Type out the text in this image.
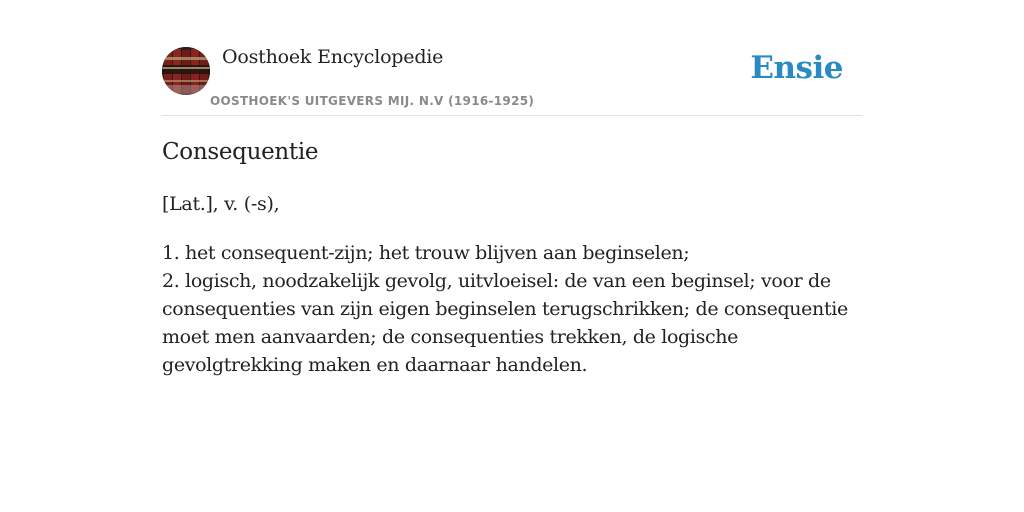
Oosthoek Encyclopedie
OOSTHOEK'S UITGEVERS MIJ. N.V (1916-1925)
Ensie
Consequentie
[Lat.], v. (-s),

1. het consequent-zijn; het trouw blijven aan beginselen;

2. logisch, noodzakelijk gevolg, uitvloeisel: de van een beginsel; voor de consequenties van zijn eigen beginselen terugschrikken; de consequentie moet men aanvaarden; de consequenties trekken, de logische gevolgtrekking maken en daarnaar handelen.
